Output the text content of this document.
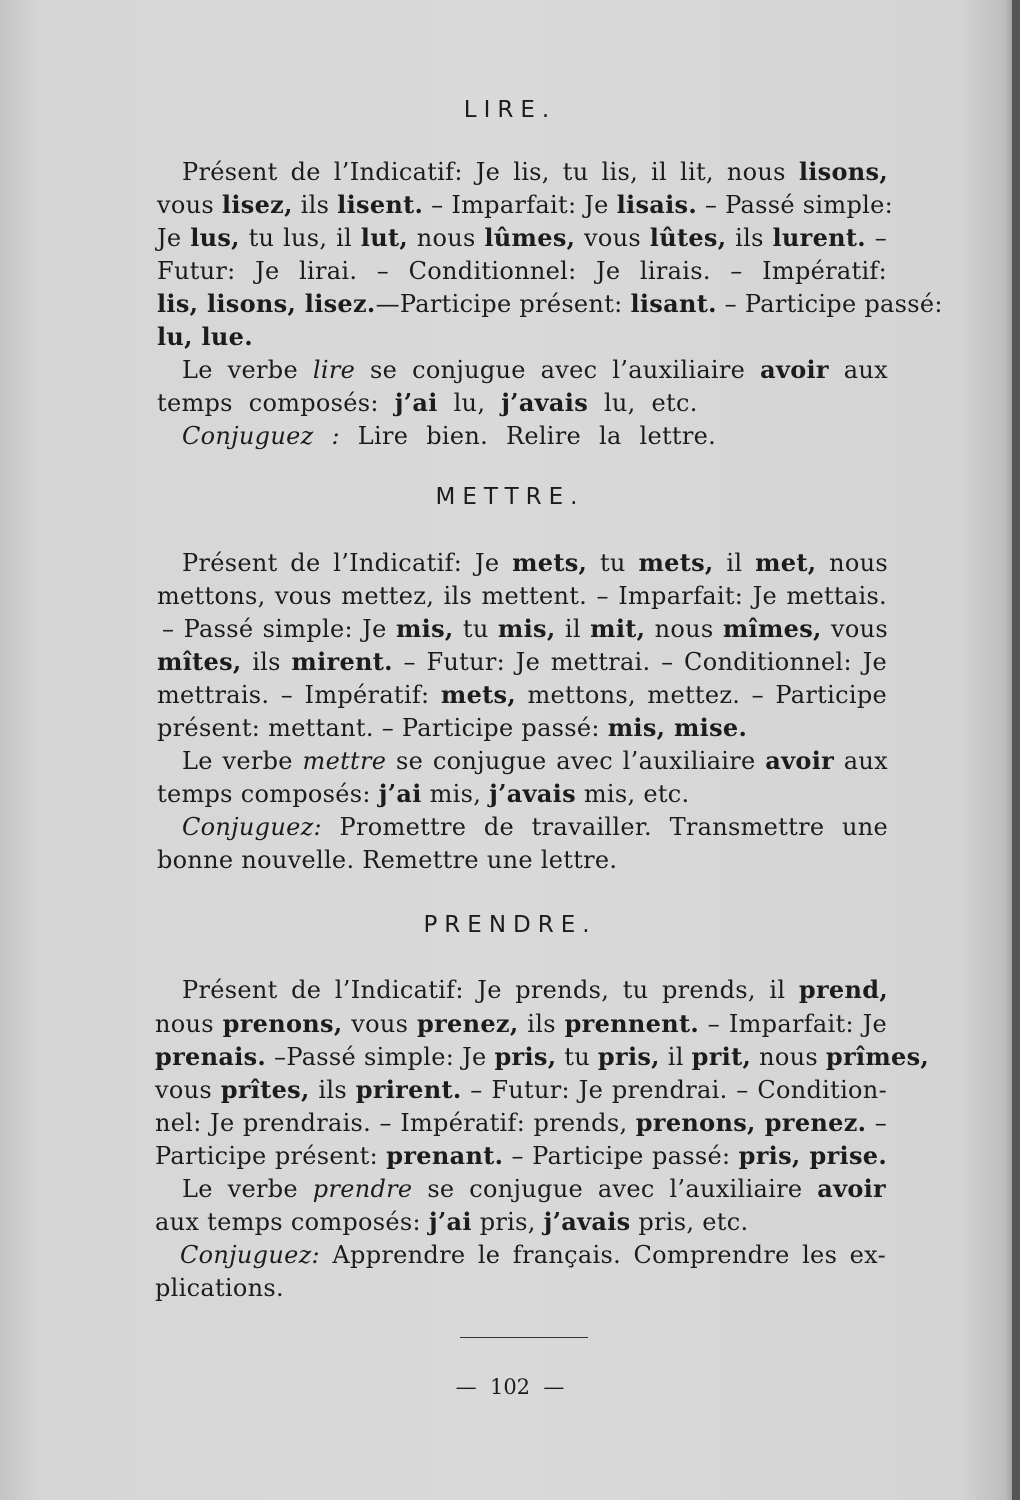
LIRE.
Présent de l’Indicatif: Je lis, tu lis, il lit, nous lisons,
vous lisez, ils lisent. – Imparfait: Je lisais. – Passé simple:
Je lus, tu lus, il lut, nous lûmes, vous lûtes, ils lurent. –
Futur: Je lirai. – Conditionnel: Je lirais. – Impératif:
lis, lisons, lisez.—Participe présent: lisant. – Participe passé:
lu, lue.
Le verbe lire se conjugue avec l’auxiliaire avoir aux
temps composés: j’ai lu, j’avais lu, etc.
Conjuguez : Lire bien. Relire la lettre.
METTRE.
Présent de l’Indicatif: Je mets, tu mets, il met, nous
mettons, vous mettez, ils mettent. – Imparfait: Je mettais.
– Passé simple: Je mis, tu mis, il mit, nous mîmes, vous
mîtes, ils mirent. – Futur: Je mettrai. – Conditionnel: Je
mettrais. – Impératif: mets, mettons, mettez. – Participe
présent: mettant. – Participe passé: mis, mise.
Le verbe mettre se conjugue avec l’auxiliaire avoir aux
temps composés: j’ai mis, j’avais mis, etc.
Conjuguez: Promettre de travailler. Transmettre une
bonne nouvelle. Remettre une lettre.
PRENDRE.
Présent de l’Indicatif: Je prends, tu prends, il prend,
nous prenons, vous prenez, ils prennent. – Imparfait: Je
prenais. –Passé simple: Je pris, tu pris, il prit, nous prîmes,
vous prîtes, ils prirent. – Futur: Je prendrai. – Condition-
nel: Je prendrais. – Impératif: prends, prenons, prenez. –
Participe présent: prenant. – Participe passé: pris, prise.
Le verbe prendre se conjugue avec l’auxiliaire avoir
aux temps composés: j’ai pris, j’avais pris, etc.
Conjuguez: Apprendre le français. Comprendre les ex-
plications.
—  102  —
